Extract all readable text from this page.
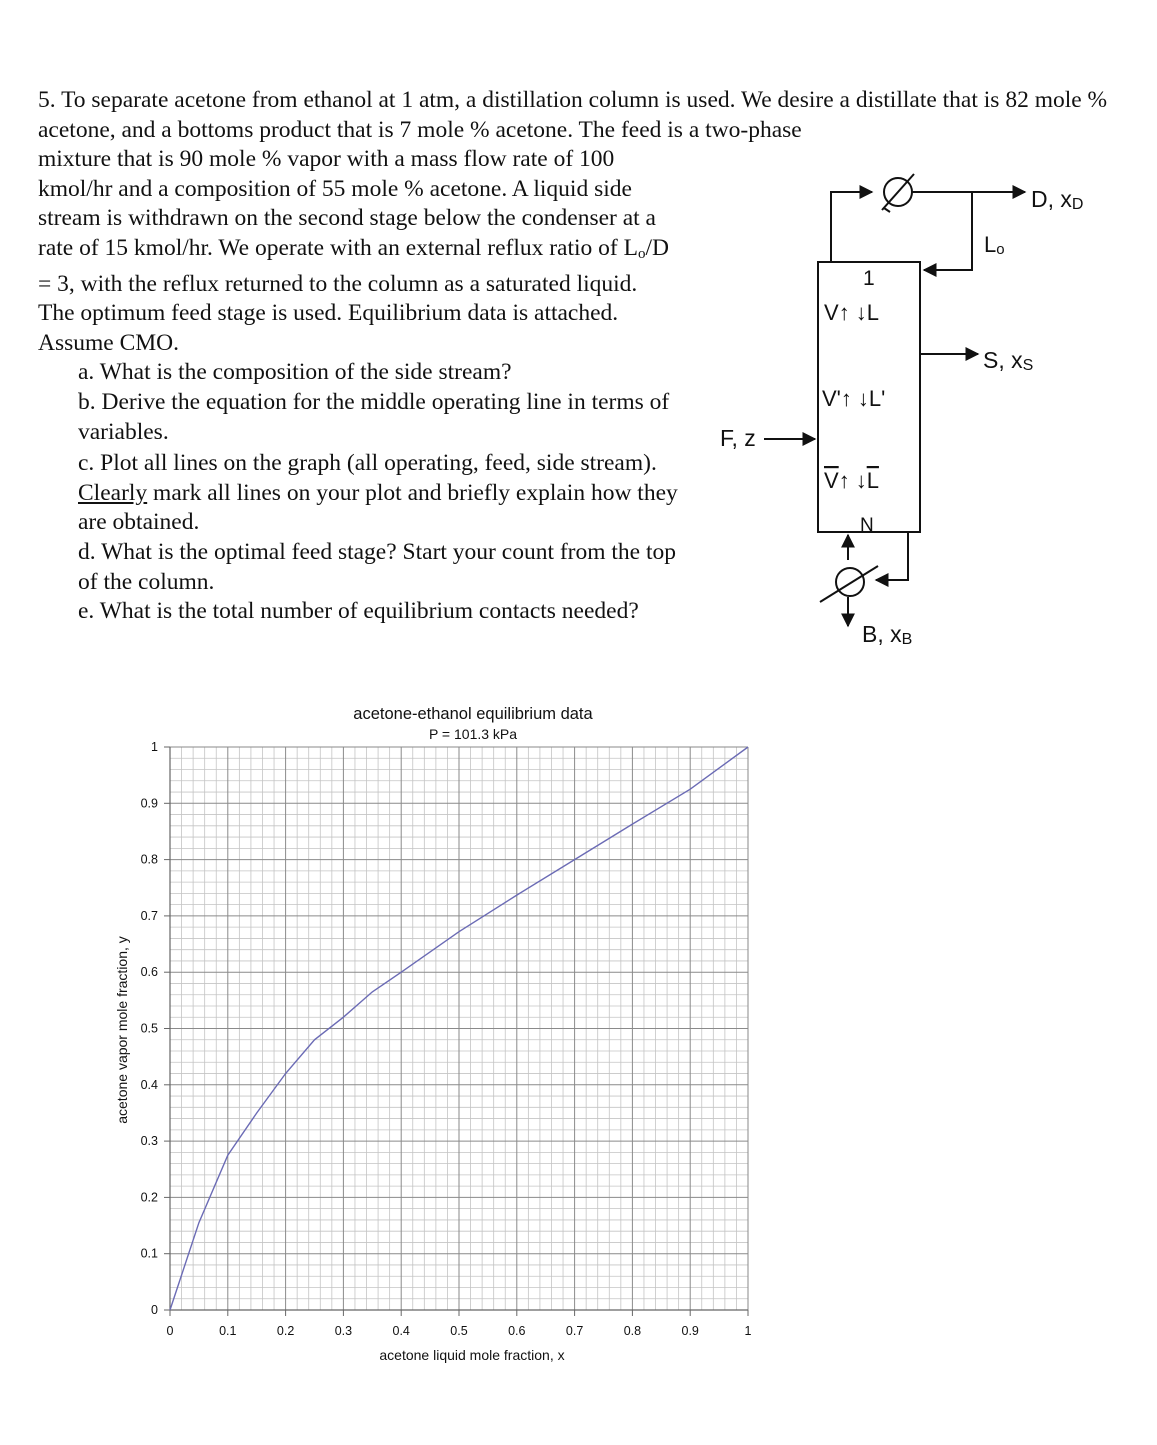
5. To separate acetone from ethanol at 1 atm, a distillation column is used. We desire a distillate that is 82 mole % acetone, and a bottoms product that is 7 mole % acetone. The feed is a two-phase

mixture that is 90 mole % vapor with a mass flow rate of 100 kmol/hr and a composition of 55 mole % acetone. A liquid side stream is withdrawn on the second stage below the condenser at a rate of 15 kmol/hr. We operate with an external reflux ratio of $L_o/D = 3$, with the reflux returned to the column as a saturated liquid. The optimum feed stage is used. Equilibrium data is attached. Assume CMO.

a. What is the composition of the side stream?
b. Derive the equation for the middle operating line in terms of variables.
c. Plot all lines on the graph (all operating, feed, side stream). Clearly mark all lines on your plot and briefly explain how they are obtained.
d. What is the optimal feed stage? Start your count from the top of the column.
e. What is the total number of equilibrium contacts needed?
D, xD
Lo
1
V↑ ↓L
S, xS
V'↑ ↓L'
F, z
V↑ ↓L
N
B, xB
acetone-ethanol equilibrium data
P = 101.3 kPa
0	0.1	0.2	0.3	0.4	0.5	0.6	0.7	0.8	0.9	1
0
0.1
0.2
0.3
0.4
0.5
0.6
0.7
0.8
0.9
1
acetone liquid mole fraction, x
acetone vapor mole fraction, y
